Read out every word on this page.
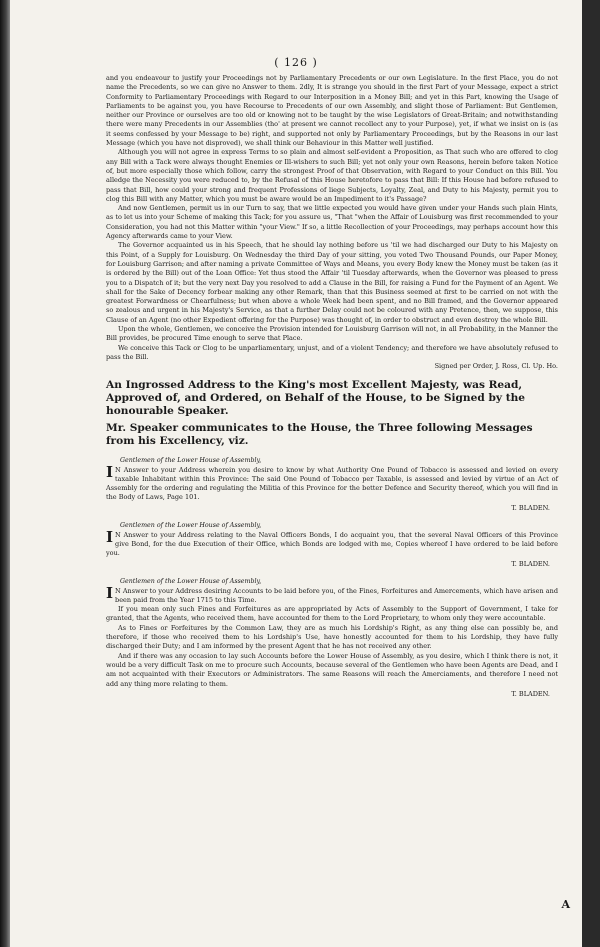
( 126 )

and you endeavour to justify your Proceedings not by Parliamentary Precedents or our own Legislature. In the first Place, you do not name the Precedents, so we can give no Answer to them. 2dly, It is strange you should in the first Part of your Message, expect a strict Conformity to Parliamentary Proceedings with Regard to our Interposition in a Money Bill; and yet in this Part, knowing the Usage of Parliaments to be against you, you have Recourse to Precedents of our own Assembly, and slight those of Parliament: But Gentlemen, neither our Province or ourselves are too old or knowing not to be taught by the wise Legislators of Great-Britain; and notwithstanding there were many Precedents in our Assemblies (tho' at present we cannot recollect any to your Purpose), yet, if what we insist on is (as it seems confessed by your Message to be) right, and supported not only by Parliamentary Proceedings, but by the Reasons in our last Message (which you have not disproved), we shall think our Behaviour in this Matter well justified.

Although you will not agree in express Terms to so plain and almost self-evident a Proposition, as That such who are offered to clog any Bill with a Tack were always thought Enemies or Ill-wishers to such Bill; yet not only your own Reasons, herein before taken Notice of, but more especially those which follow, carry the strongest Proof of that Observation, with Regard to your Conduct on this Bill. You alledge the Necessity you were reduced to, by the Refusal of this House heretofore to pass that Bill: If this House had before refused to pass that Bill, how could your strong and frequent Professions of liege Subjects, Loyalty, Zeal, and Duty to his Majesty, permit you to clog this Bill with any Matter, which you must be aware would be an Impediment to it's Passage?

And now Gentlemen, permit us in our Turn to say, that we little expected you would have given under your Hands such plain Hints, as to let us into your Scheme of making this Tack; for you assure us, "That "when the Affair of Louisburg was first recommended to your Consideration, you had not this Matter within "your View." If so, a little Recollection of your Proceedings, may perhaps account how this Agency afterwards came to your View.

The Governor acquainted us in his Speech, that he should lay nothing before us 'til we had discharged our Duty to his Majesty on this Point, of a Supply for Louisburg. On Wednesday the third Day of your sitting, you voted Two Thousand Pounds, our Paper Money, for Louisburg Garrison; and after naming a private Committee of Ways and Means, you every Body knew the Money must be taken (as it is ordered by the Bill) out of the Loan Office: Yet thus stood the Affair 'til Tuesday afterwards, when the Governor was pleased to press you to a Dispatch of it; but the very next Day you resolved to add a Clause in the Bill, for raising a Fund for the Payment of an Agent. We shall for the Sake of Decency forbear making any other Remark, than that this Business seemed at first to be carried on not with the greatest Forwardness or Chearfulness; but when above a whole Week had been spent, and no Bill framed, and the Governor appeared so zealous and urgent in his Majesty's Service, as that a further Delay could not be coloured with any Pretence, then, we suppose, this Clause of an Agent (no other Expedient offering for the Purpose) was thought of, in order to obstruct and even destroy the whole Bill.

Upon the whole, Gentlemen, we conceive the Provision intended for Louisburg Garrison will not, in all Probability, in the Manner the Bill provides, be procured Time enough to serve that Place.

We conceive this Tack or Clog to be unparliamentary, unjust, and of a violent Tendency; and therefore we have absolutely refused to pass the Bill.

Signed per Order, J. Ross, Cl. Up. Ho.

An Ingrossed Address to the King's most Excellent Majesty, was Read, Approved of, and Ordered, on Behalf of the House, to be Signed by the honourable Speaker.

Mr. Speaker communicates to the House, the Three following Messages from his Excellency, viz.

Gentlemen of the Lower House of Assembly,

I N Answer to your Address wherein you desire to know by what Authority One Pound of Tobacco is assessed and levied on every taxable Inhabitant within this Province: The said One Pound of Tobacco per Taxable, is assessed and levied by virtue of an Act of Assembly for the ordering and regulating the Militia of this Province for the better Defence and Security thereof, which you will find in the Body of Laws, Page 101.

T. BLADEN.

Gentlemen of the Lower House of Assembly,

I N Answer to your Address relating to the Naval Officers Bonds, I do acquaint you, that the several Naval Officers of this Province give Bond, for the due Execution of their Office, which Bonds are lodged with me, Copies whereof I have ordered to be laid before you.

T. BLADEN.

Gentlemen of the Lower House of Assembly,

I N Answer to your Address desiring Accounts to be laid before you, of the Fines, Forfeitures and Amercements, which have arisen and been paid from the Year 1715 to this Time.

If you mean only such Fines and Forfeitures as are appropriated by Acts of Assembly to the Support of Government, I take for granted, that the Agents, who received them, have accounted for them to the Lord Proprietary, to whom only they were accountable.

As to Fines or Forfeitures by the Common Law, they are as much his Lordship's Right, as any thing else can possibly be, and therefore, if those who received them to his Lordship's Use, have honestly accounted for them to his Lordship, they have fully discharged their Duty; and I am informed by the present Agent that he has not received any other.

And if there was any occasion to lay such Accounts before the Lower House of Assembly, as you desire, which I think there is not, it would be a very difficult Task on me to procure such Accounts, because several of the Gentlemen who have been Agents are Dead, and I am not acquainted with their Executors or Administrators. The same Reasons will reach the Amerciaments, and therefore I need not add any thing more relating to them.

T. BLADEN.

A
